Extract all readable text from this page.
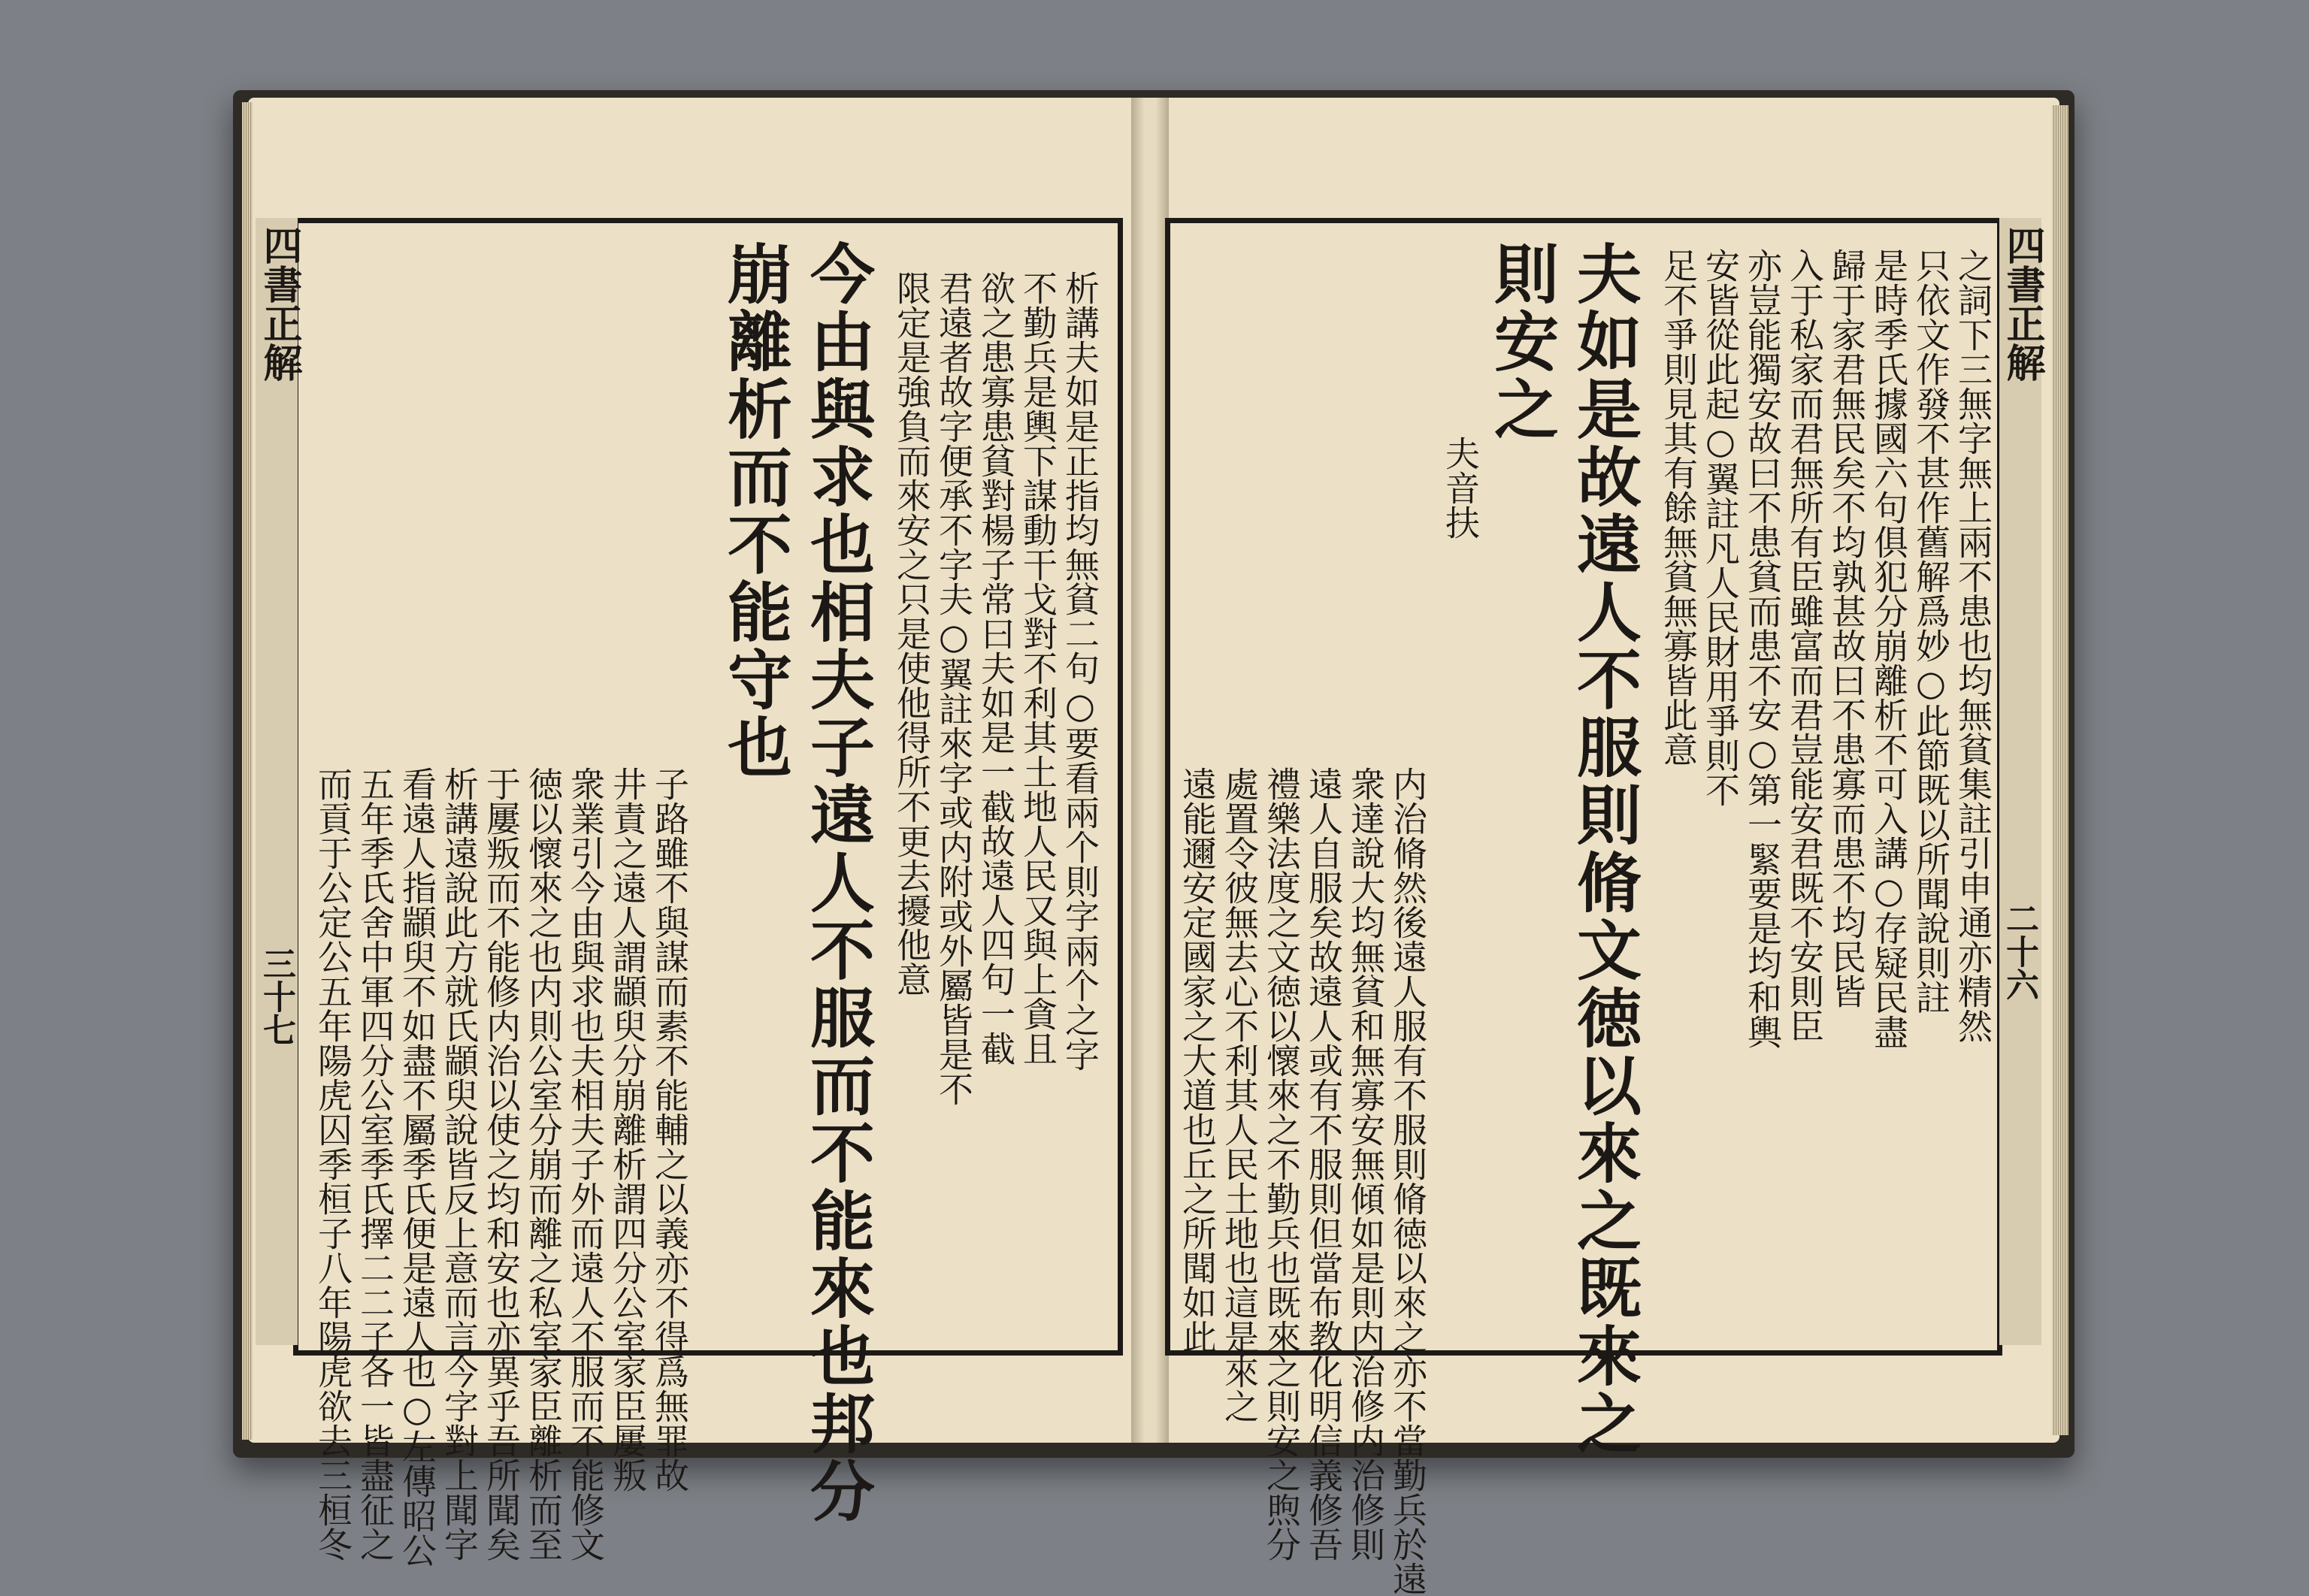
四書正解
三十七 而貢于公定公五年陽虎囚季桓子八年陽虎欲去三桓冬 五年季氏舍中軍四分公室季氏擇二二子各一皆盡征之 看遠人指顓臾不如盡不屬季氏便是遠人也○左傳昭公 析講遠說此方就氏顓臾說皆反上意而言今字對上聞字 于屢叛而不能修内治以使之均和安也亦異乎吾所聞矣 徳以懷來之也内則公室分崩而離之私室家臣離析而至 衆業引今由與求也夫相夫子外而遠人不服而不能修文 井責之遠人謂顓臾分崩離析謂四分公室家臣屢叛 子路雖不與謀而素不能輔之以義亦不得爲無罪故
崩離析而不能守也 今由與求也相夫子遠人不服而不能來也邦分 限定是強負而來安之只是使他得所不更去擾他意 君遠者故字便承不字夫○翼註來字或内附或外屬皆是不 欲之患寡患貧對楊子常曰夫如是一截故遠人四句一截 不勤兵是輿下謀動干戈對不利其土地人民又與上貪且 析講夫如是正指均無貧二句○要看兩个則字兩个之字 遠能邇安定國家之大道也丘之所聞如此 處置令彼無去心不利其人民土地也這是來之 禮樂法度之文徳以懷來之不勤兵也既來之則安之煦分 遠人自服矣故遠人或有不服則但當布教化明信義修吾 衆達說大均無貧和無寡安無傾如是則内治修内治修則 内治脩然後遠人服有不服則脩徳以來之亦不當勤兵於遠
夫音扶
則安之 夫如是故遠人不服則脩文徳以來之既來之 足不爭則見其有餘無貧無寡皆此意 安皆從此起○翼註凡人民財用爭則不 亦豈能獨安故曰不患貧而患不安○第一緊要是均和輿 入于私家而君無所有臣雖富而君豈能安君既不安則臣 歸于家君無民矣不均孰甚故曰不患寡而患不均民皆 是時季氏據國六句俱犯分崩離析不可入講○存疑民盡 只依文作發不甚作舊解爲妙○此節既以所聞說則註 之詞下三無字無上兩不患也均無貧集註引申通亦精然 四書正解
二十六
